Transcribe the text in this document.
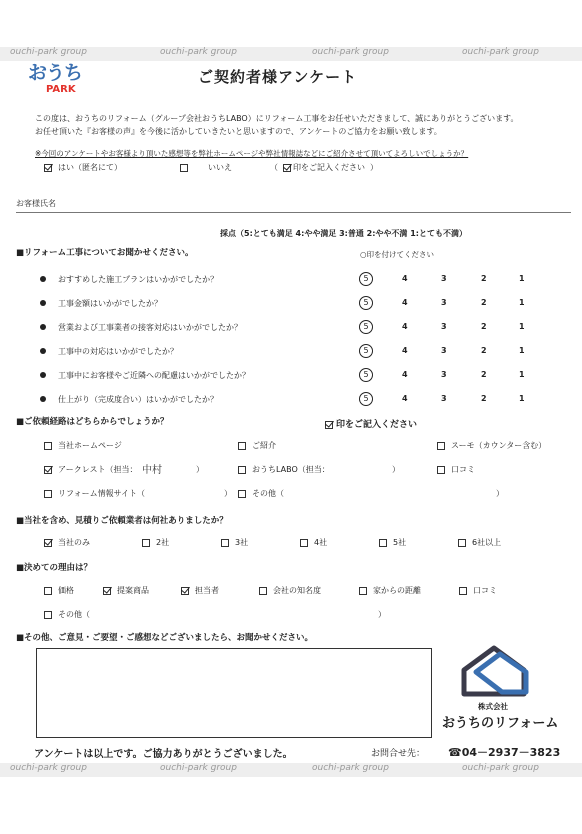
ouchi-park group	ouchi-park group	ouchi-park group	ouchi-park group
ouchi-park group	ouchi-park group	ouchi-park group	ouchi-park group
おうち
PARK
ご契約者様アンケート
この度は、おうちのリフォーム（グループ会社おうちLABO）にリフォーム工事をお任せいただきまして、誠にありがとうございます。
お任せ頂いた『お客様の声』を今後に活かしていきたいと思いますので、アンケートのご協力をお願い致します。
※今回のアンケートやお客様より頂いた感想等を弊社ホームページや弊社情報誌などにご紹介させて頂いてよろしいでしょうか？
はい（匿名にて）	いいえ	（ 印をご記入ください ）
お客様氏名
採点（5:とても満足 4:やや満足 3:普通 2:やや不満 1:とても不満）
■リフォーム工事についてお聞かせください。	○印を付けてください
おすすめした施工プランはいかがでしたか？	5	4	3	2	1
工事金額はいかがでしたか？	5	4	3	2	1
営業および工事業者の接客対応はいかがでしたか？	5	4	3	2	1
工事中の対応はいかがでしたか？	5	4	3	2	1
工事中にお客様やご近隣への配慮はいかがでしたか？	5	4	3	2	1
仕上がり（完成度合い）はいかがでしたか？	5	4	3	2	1
■ご依頼経路はどちらからでしょうか？	印をご記入ください
当社ホームページ	ご紹介	スーモ（カウンター含む）
アークレスト（担当： 中村	）	おうちLABO（担当：	）	口コミ
リフォーム情報サイト（	）	その他（	）
■当社を含め、見積りご依頼業者は何社ありましたか？
当社のみ	2社	3社	4社	5社	6社以上
■決めての理由は？
価格	提案商品	担当者	会社の知名度	家からの距離	口コミ
その他（	）
■その他、ご意見・ご要望・ご感想などございましたら、お聞かせください。
株式会社
おうちのリフォーム
アンケートは以上です。ご協力ありがとうございました。	お問合せ先： ☎04－2937－3823
